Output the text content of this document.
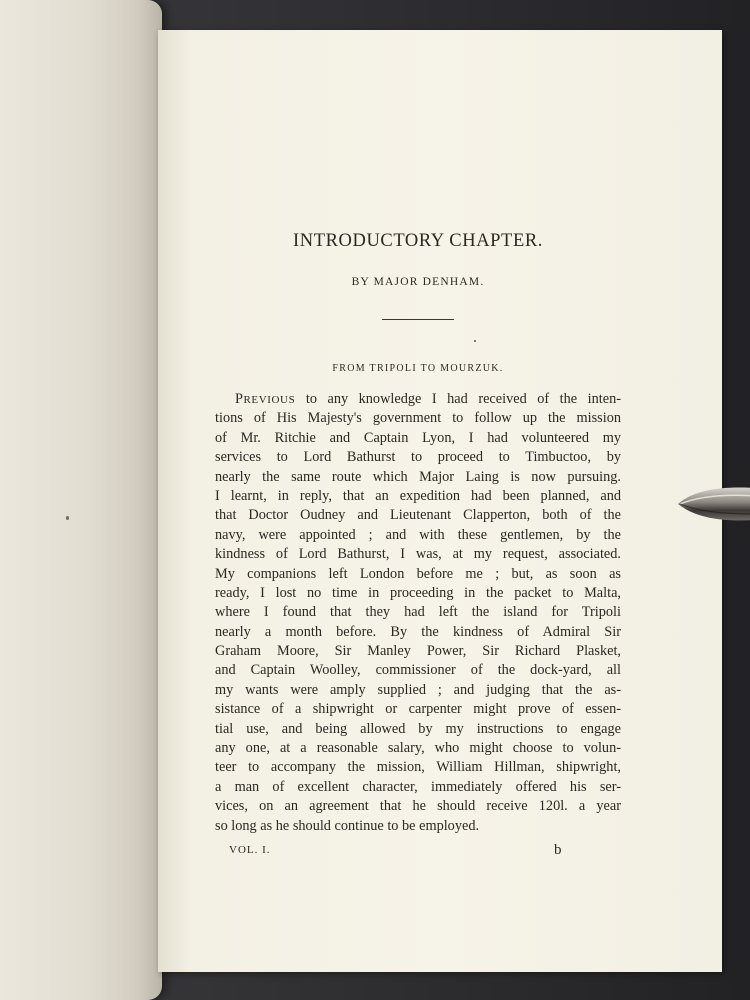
INTRODUCTORY CHAPTER.
BY MAJOR DENHAM.
FROM TRIPOLI TO MOURZUK.
PREVIOUS to any knowledge I had received of the inten-
tions of His Majesty's government to follow up the mission
of Mr. Ritchie and Captain Lyon, I had volunteered my
services to Lord Bathurst to proceed to Timbuctoo, by
nearly the same route which Major Laing is now pursuing.
I learnt, in reply, that an expedition had been planned, and
that Doctor Oudney and Lieutenant Clapperton, both of the
navy, were appointed ; and with these gentlemen, by the
kindness of Lord Bathurst, I was, at my request, associated.
My companions left London before me ; but, as soon as
ready, I lost no time in proceeding in the packet to Malta,
where I found that they had left the island for Tripoli
nearly a month before. By the kindness of Admiral Sir
Graham Moore, Sir Manley Power, Sir Richard Plasket,
and Captain Woolley, commissioner of the dock-yard, all
my wants were amply supplied ; and judging that the as-
sistance of a shipwright or carpenter might prove of essen-
tial use, and being allowed by my instructions to engage
any one, at a reasonable salary, who might choose to volun-
teer to accompany the mission, William Hillman, shipwright,
a man of excellent character, immediately offered his ser-
vices, on an agreement that he should receive 120l. a year
so long as he should continue to be employed.
VOL. I.	b
